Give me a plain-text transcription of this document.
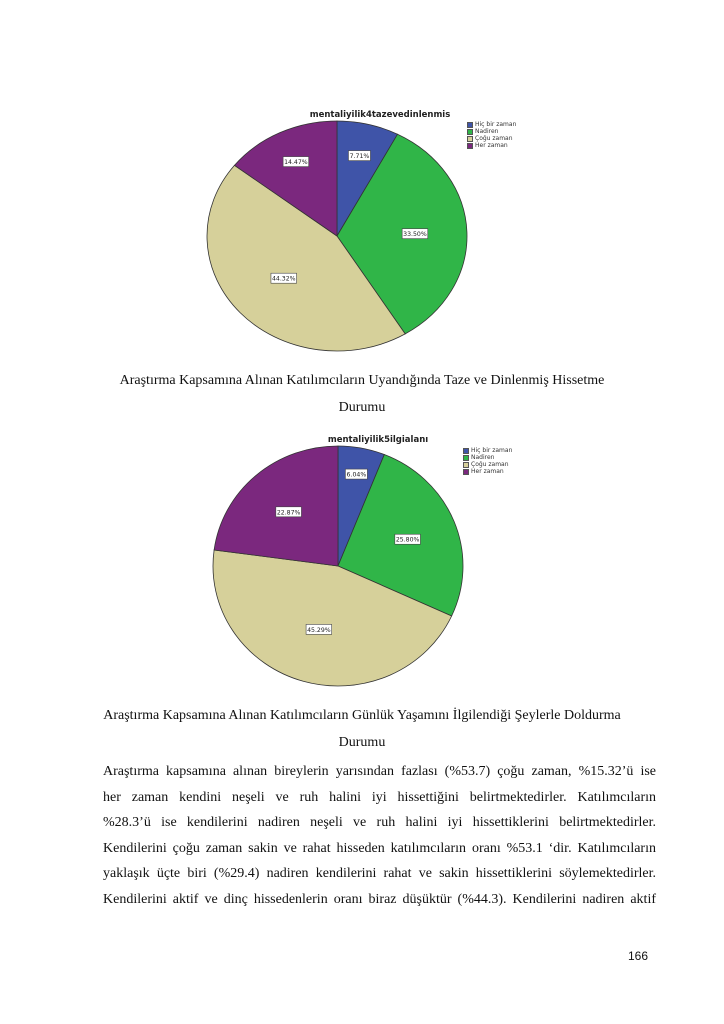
7.71%
33.50%
44.32%
14.47%
mentaliyilik4tazevedinlenmis
Hiç bir zaman
Nadiren
Çoğu zaman
Her zaman
Araştırma Kapsamına Alınan Katılımcıların Uyandığında Taze ve Dinlenmiş Hissetme
Durumu
6.04%
25.80%
45.29%
22.87%
mentaliyilik5ilgialanı
Hiç bir zaman
Nadiren
Çoğu zaman
Her zaman
Araştırma Kapsamına Alınan Katılımcıların Günlük Yaşamını İlgilendiği Şeylerle Doldurma
Durumu
Araştırma kapsamına alınan bireylerin yarısından fazlası (%53.7) çoğu zaman, %15.32’ü ise
her zaman kendini neşeli ve ruh halini iyi hissettiğini belirtmektedirler. Katılımcıların
%28.3’ü ise kendilerini nadiren neşeli ve ruh halini iyi hissettiklerini belirtmektedirler.
Kendilerini çoğu zaman sakin ve rahat hisseden katılımcıların oranı %53.1 ‘dir. Katılımcıların
yaklaşık üçte biri (%29.4) nadiren kendilerini rahat ve sakin hissettiklerini söylemektedirler.
Kendilerini aktif ve dinç hissedenlerin oranı biraz düşüktür (%44.3). Kendilerini nadiren aktif
166
